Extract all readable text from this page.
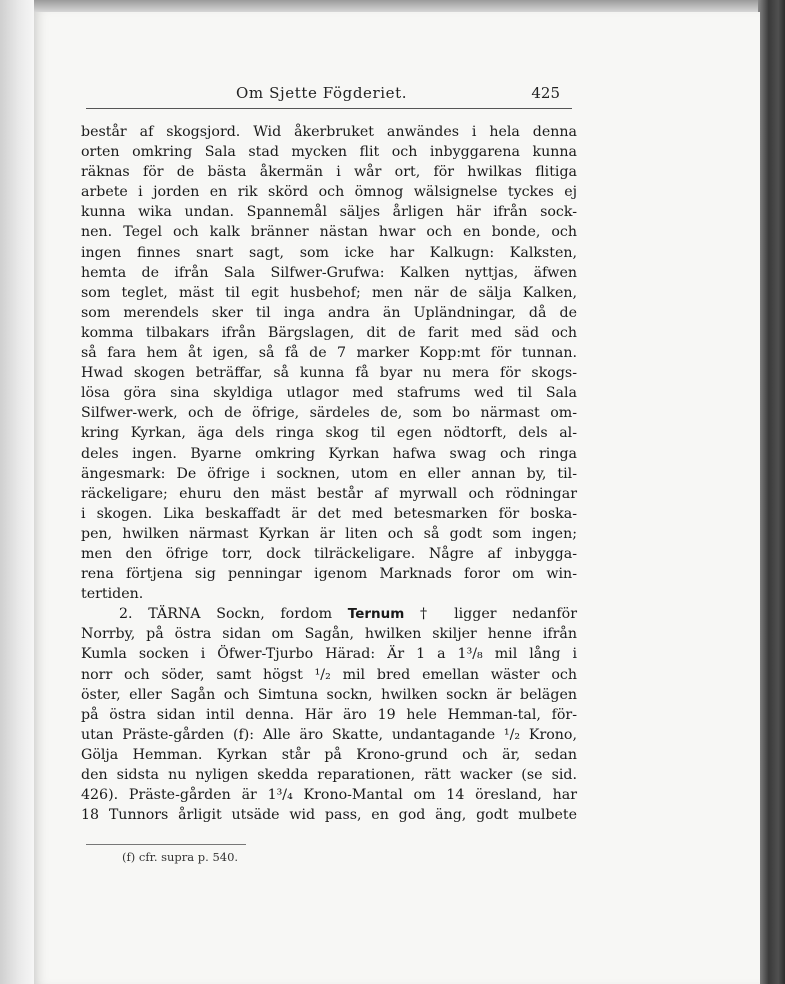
Om Sjette Fögderiet.	425
består af skogsjord. Wid åkerbruket anwändes i hela denna
orten omkring Sala stad mycken flit och inbyggarena kunna
räknas för de bästa åkermän i wår ort, för hwilkas flitiga
arbete i jorden en rik skörd och ömnog wälsignelse tyckes ej
kunna wika undan. Spannemål säljes årligen här ifrån sock-
nen. Tegel och kalk bränner nästan hwar och en bonde, och
ingen finnes snart sagt, som icke har Kalkugn: Kalksten,
hemta de ifrån Sala Silfwer-Grufwa: Kalken nyttjas, äfwen
som teglet, mäst til egit husbehof; men när de sälja Kalken,
som merendels sker til inga andra än Upländningar, då de
komma tilbakars ifrån Bärgslagen, dit de farit med säd och
så fara hem åt igen, så få de 7 marker Kopp:mt för tunnan.
Hwad skogen beträffar, så kunna få byar nu mera för skogs-
lösa göra sina skyldiga utlagor med stafrums wed til Sala
Silfwer-werk, och de öfrige, särdeles de, som bo närmast om-
kring Kyrkan, äga dels ringa skog til egen nödtorft, dels al-
deles ingen. Byarne omkring Kyrkan hafwa swag och ringa
ängesmark: De öfrige i socknen, utom en eller annan by, til-
räckeligare; ehuru den mäst består af myrwall och rödningar
i skogen. Lika beskaffadt är det med betesmarken för boska-
pen, hwilken närmast Kyrkan är liten och så godt som ingen;
men den öfrige torr, dock tilräckeligare. Någre af inbygga-
rena förtjena sig penningar igenom Marknads foror om win-
tertiden.
2. TÄRNA Sockn, fordom Ternum † ligger nedanför
Norrby, på östra sidan om Sagån, hwilken skiljer henne ifrån
Kumla socken i Öfwer-Tjurbo Härad: Är 1 a 1³/₈ mil lång i
norr och söder, samt högst ¹/₂ mil bred emellan wäster och
öster, eller Sagån och Simtuna sockn, hwilken sockn är belägen
på östra sidan intil denna. Här äro 19 hele Hemman-tal, för-
utan Präste-gården (f): Alle äro Skatte, undantagande ¹/₂ Krono,
Gölja Hemman. Kyrkan står på Krono-grund och är, sedan
den sidsta nu nyligen skedda reparationen, rätt wacker (se sid.
426). Präste-gården är 1³/₄ Krono-Mantal om 14 öresland, har
18 Tunnors årligit utsäde wid pass, en god äng, godt mulbete
(f) cfr. supra p. 540.
